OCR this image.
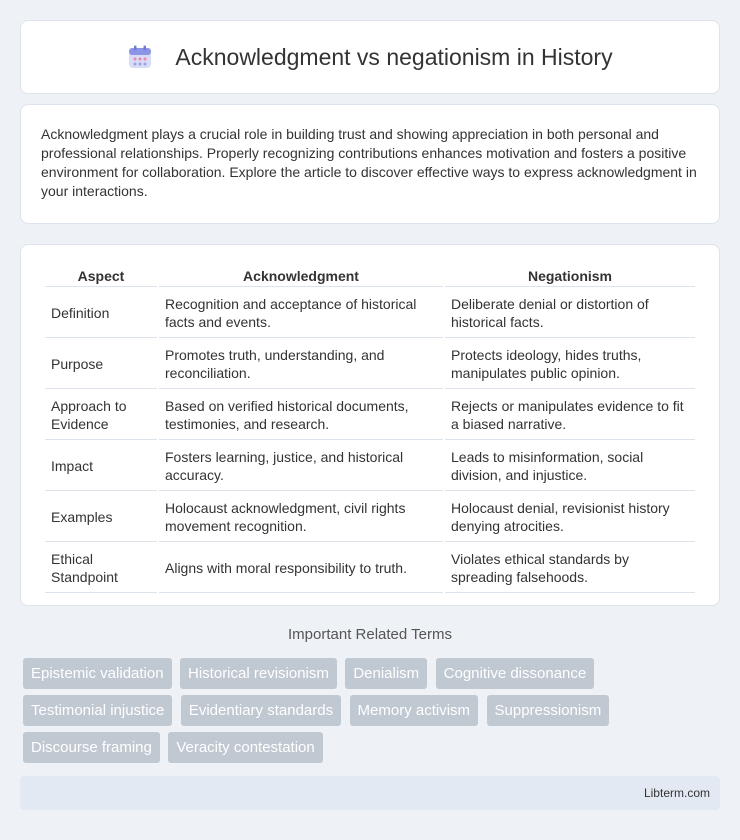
Acknowledgment vs negationism in History

Acknowledgment plays a crucial role in building trust and showing appreciation in both personal and professional relationships. Properly recognizing contributions enhances motivation and fosters a positive environment for collaboration. Explore the article to discover effective ways to express acknowledgment in your interactions.

Aspect	Acknowledgment	Negationism
Definition	Recognition and acceptance of historical facts and events.	Deliberate denial or distortion of historical facts.
Purpose	Promotes truth, understanding, and reconciliation.	Protects ideology, hides truths, manipulates public opinion.
Approach to Evidence	Based on verified historical documents, testimonies, and research.	Rejects or manipulates evidence to fit a biased narrative.
Impact	Fosters learning, justice, and historical accuracy.	Leads to misinformation, social division, and injustice.
Examples	Holocaust acknowledgment, civil rights movement recognition.	Holocaust denial, revisionist history denying atrocities.
Ethical Standpoint	Aligns with moral responsibility to truth.	Violates ethical standards by spreading falsehoods.
Important Related Terms
Epistemic validation Historical revisionism Denialism Cognitive dissonance
Testimonial injustice Evidentiary standards Memory activism Suppressionism
Discourse framing Veracity contestation
Libterm.com
